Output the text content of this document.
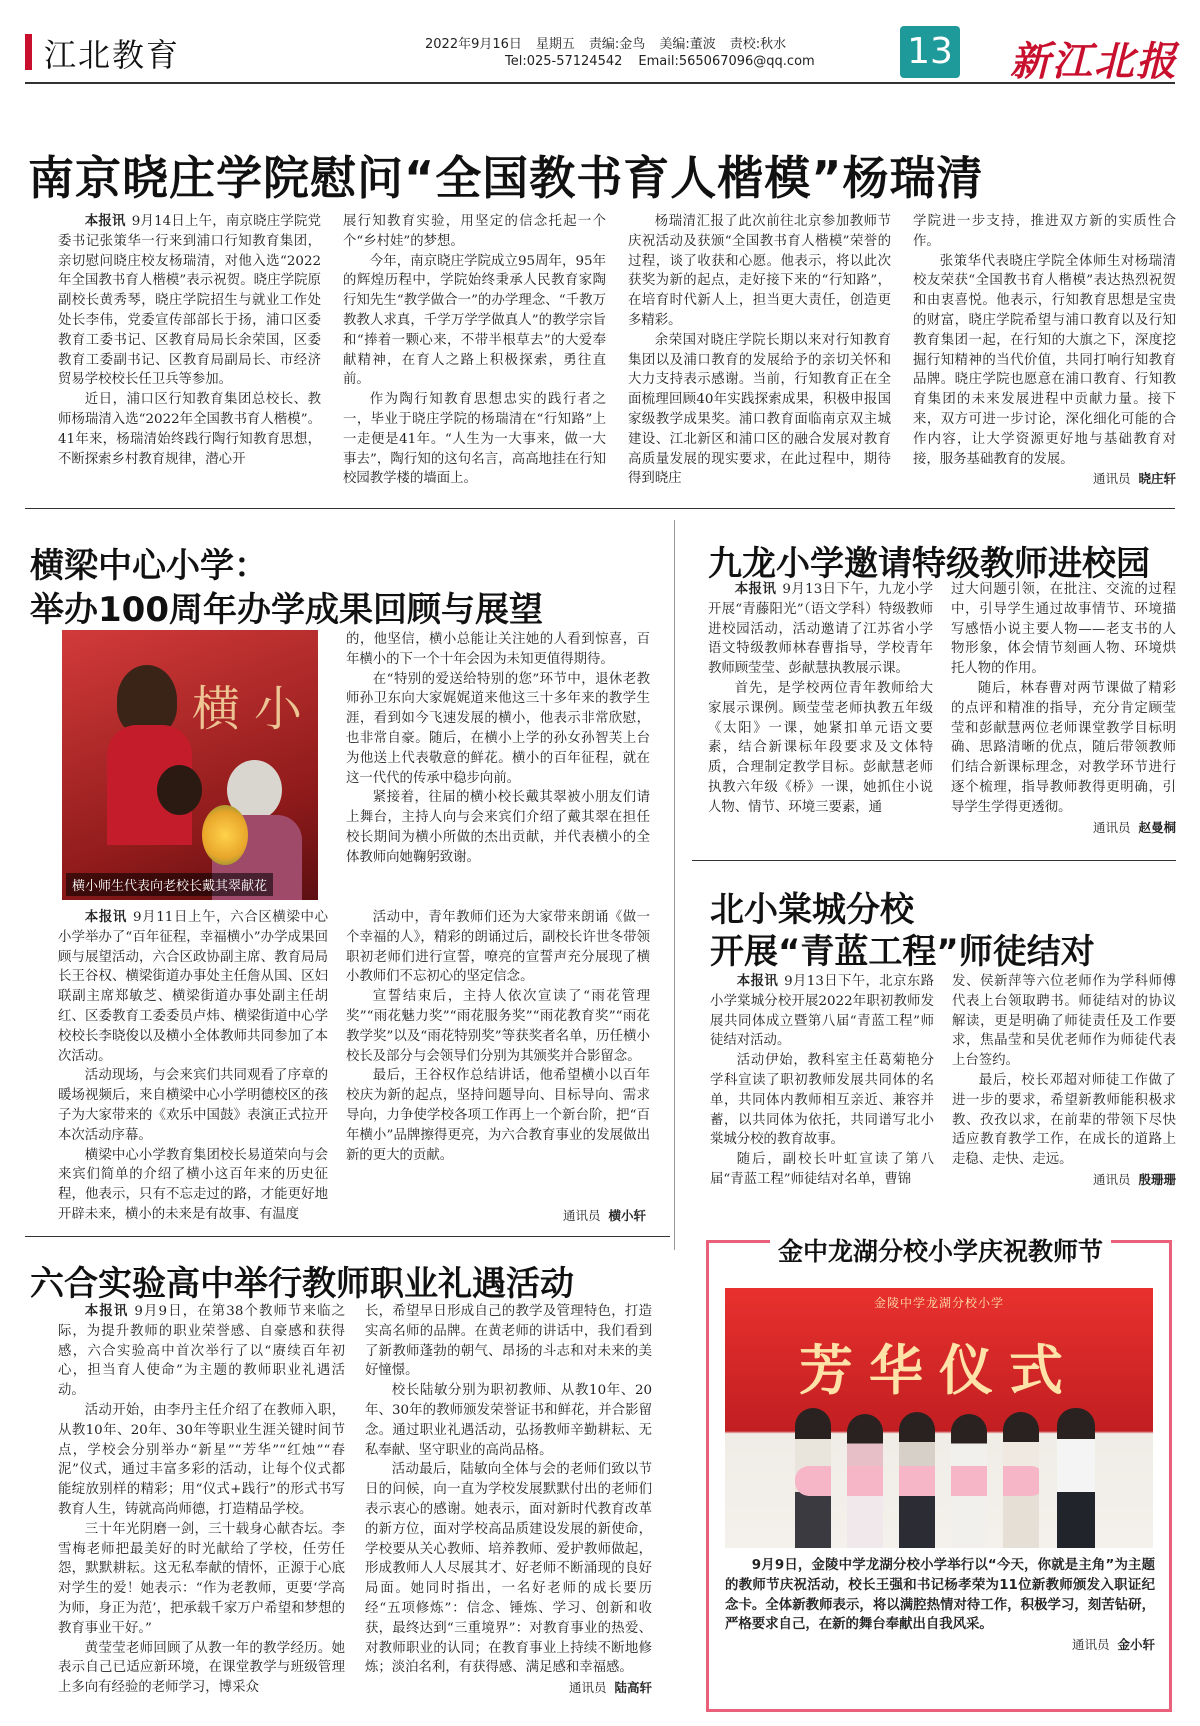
江北教育	2022年9月16日 星期五 责编:金鸟 美编:董波 责校:秋水
Tel:025-57124542 Email:565067096@qq.com	13 新江北报
南京晓庄学院慰问“全国教书育人楷模”杨瑞清

本报讯 9月14日上午，南京晓庄学院党委书记张策华一行来到浦口行知教育集团，亲切慰问晓庄校友杨瑞清，对他入选“2022年全国教书育人楷模”表示祝贺。晓庄学院原副校长黄秀琴，晓庄学院招生与就业工作处处长李伟，党委宣传部部长于扬，浦口区委教育工委书记、区教育局局长余荣国，区委教育工委副书记、区教育局副局长、市经济贸易学校校长任卫兵等参加。

近日，浦口区行知教育集团总校长、教师杨瑞清入选“2022年全国教书育人楷模”。41年来，杨瑞清始终践行陶行知教育思想，不断探索乡村教育规律，潜心开

展行知教育实验，用坚定的信念托起一个个“乡村娃”的梦想。

今年，南京晓庄学院成立95周年，95年的辉煌历程中，学院始终秉承人民教育家陶行知先生“教学做合一”的办学理念、“千教万教教人求真，千学万学学做真人”的教学宗旨和“捧着一颗心来，不带半根草去”的大爱奉献精神，在育人之路上积极探索，勇往直前。

作为陶行知教育思想忠实的践行者之一，毕业于晓庄学院的杨瑞清在“行知路”上一走便是41年。“人生为一大事来，做一大事去”，陶行知的这句名言，高高地挂在行知校园教学楼的墙面上。

杨瑞清汇报了此次前往北京参加教师节庆祝活动及获颁“全国教书育人楷模”荣誉的过程，谈了收获和心愿。他表示，将以此次获奖为新的起点，走好接下来的“行知路”，在培育时代新人上，担当更大责任，创造更多精彩。

余荣国对晓庄学院长期以来对行知教育集团以及浦口教育的发展给予的亲切关怀和大力支持表示感谢。当前，行知教育正在全面梳理回顾40年实践探索成果，积极申报国家级教学成果奖。浦口教育面临南京双主城建设、江北新区和浦口区的融合发展对教育高质量发展的现实要求，在此过程中，期待得到晓庄

学院进一步支持，推进双方新的实质性合作。

张策华代表晓庄学院全体师生对杨瑞清校友荣获“全国教书育人楷模”表达热烈祝贺和由衷喜悦。他表示，行知教育思想是宝贵的财富，晓庄学院希望与浦口教育以及行知教育集团一起，在行知的大旗之下，深度挖掘行知精神的当代价值，共同打响行知教育品牌。晓庄学院也愿意在浦口教育、行知教育集团的未来发展进程中贡献力量。接下来，双方可进一步讨论，深化细化可能的合作内容，让大学资源更好地与基础教育对接，服务基础教育的发展。

通讯员 晓庄轩
横梁中心小学：
举办100周年办学成果回顾与展望
横小
横小师生代表向老校长戴其翠献花

的，他坚信，横小总能让关注她的人看到惊喜，百年横小的下一个十年会因为未知更值得期待。

在“特别的爱送给特别的您”环节中，退休老教师孙卫东向大家娓娓道来他这三十多年来的教学生涯，看到如今飞速发展的横小，他表示非常欣慰，也非常自豪。随后，在横小上学的孙女孙智芙上台为他送上代表敬意的鲜花。横小的百年征程，就在这一代代的传承中稳步向前。

紧接着，往届的横小校长戴其翠被小朋友们请上舞台，主持人向与会来宾们介绍了戴其翠在担任校长期间为横小所做的杰出贡献，并代表横小的全体教师向她鞠躬致谢。

本报讯 9月11日上午，六合区横梁中心小学举办了“百年征程，幸福横小”办学成果回顾与展望活动，六合区政协副主席、教育局局长王谷权、横梁街道办事处主任詹从国、区妇联副主席郑敏芝、横梁街道办事处副主任胡红、区委教育工委委员卢炜、横梁街道中心学校校长李晓俊以及横小全体教师共同参加了本次活动。

活动现场，与会来宾们共同观看了序章的暖场视频后，来自横梁中心小学明德校区的孩子为大家带来的《欢乐中国鼓》表演正式拉开本次活动序幕。

横梁中心小学教育集团校长易道荣向与会来宾们简单的介绍了横小这百年来的历史征程，他表示，只有不忘走过的路，才能更好地开辟未来，横小的未来是有故事、有温度

活动中，青年教师们还为大家带来朗诵《做一个幸福的人》，精彩的朗诵过后，副校长许世冬带领职初老师们进行宣誓，嘹亮的宣誓声充分展现了横小教师们不忘初心的坚定信念。

宣誓结束后，主持人依次宣读了“雨花管理奖”“雨花魅力奖”“雨花服务奖”“雨花教育奖”“雨花教学奖”以及“雨花特别奖”等获奖者名单，历任横小校长及部分与会领导们分别为其颁奖并合影留念。

最后，王谷权作总结讲话，他希望横小以百年校庆为新的起点，坚持问题导向、目标导向、需求导向，力争使学校各项工作再上一个新台阶，把“百年横小”品牌擦得更亮，为六合教育事业的发展做出新的更大的贡献。

通讯员 横小轩
九龙小学邀请特级教师进校园

本报讯 9月13日下午，九龙小学开展“青藤阳光”（语文学科）特级教师进校园活动，活动邀请了江苏省小学语文特级教师林春曹指导，学校青年教师顾莹莹、彭献慧执教展示课。

首先，是学校两位青年教师给大家展示课例。顾莹莹老师执教五年级《太阳》一课，她紧扣单元语文要素，结合新课标年段要求及文体特质，合理制定教学目标。彭献慧老师执教六年级《桥》一课，她抓住小说人物、情节、环境三要素，通

过大问题引领，在批注、交流的过程中，引导学生通过故事情节、环境描写感悟小说主要人物——老支书的人物形象，体会情节刻画人物、环境烘托人物的作用。

随后，林春曹对两节课做了精彩的点评和精准的指导，充分肯定顾莹莹和彭献慧两位老师课堂教学目标明确、思路清晰的优点，随后带领教师们结合新课标理念，对教学环节进行逐个梳理，指导教师教得更明确，引导学生学得更透彻。

通讯员 赵曼桐
北小棠城分校
开展“青蓝工程”师徒结对

本报讯 9月13日下午，北京东路小学棠城分校开展2022年职初教师发展共同体成立暨第八届“青蓝工程”师徒结对活动。

活动伊始，教科室主任葛菊艳分学科宣读了职初教师发展共同体的名单，共同体内教师相互亲近、兼容并蓄，以共同体为依托，共同谱写北小棠城分校的教育故事。

随后，副校长叶虹宣读了第八届“青蓝工程”师徒结对名单，曹锦

发、侯新萍等六位老师作为学科师傅代表上台领取聘书。师徒结对的协议解读，更是明确了师徒责任及工作要求，焦晶莹和吴优老师作为师徒代表上台签约。

最后，校长邓超对师徒工作做了进一步的要求，希望新教师能积极求教、孜孜以求，在前辈的带领下尽快适应教育教学工作，在成长的道路上走稳、走快、走远。

通讯员 殷珊珊
六合实验高中举行教师职业礼遇活动

本报讯 9月9日，在第38个教师节来临之际，为提升教师的职业荣誉感、自豪感和获得感，六合实验高中首次举行了以“赓续百年初心，担当育人使命”为主题的教师职业礼遇活动。

活动开始，由李丹主任介绍了在教师入职，从教10年、20年、30年等职业生涯关键时间节点，学校会分别举办“新星”“芳华”“红烛”“春泥”仪式，通过丰富多彩的活动，让每个仪式都能绽放别样的精彩；用“仪式+践行”的形式书写教育人生，铸就高尚师德，打造精品学校。

三十年光阴磨一剑，三十载身心献杏坛。李雪梅老师把最美好的时光献给了学校，任劳任怨，默默耕耘。这无私奉献的情怀，正源于心底对学生的爱！她表示：“作为老教师，更要‘学高为师，身正为范’，把承载千家万户希望和梦想的教育事业干好。”

黄莹莹老师回顾了从教一年的教学经历。她表示自己已适应新环境，在课堂教学与班级管理上多向有经验的老师学习，博采众

长，希望早日形成自己的教学及管理特色，打造实高名师的品牌。在黄老师的讲话中，我们看到了新教师蓬勃的朝气、昂扬的斗志和对未来的美好憧憬。

校长陆敏分别为职初教师、从教10年、20年、30年的教师颁发荣誉证书和鲜花，并合影留念。通过职业礼遇活动，弘扬教师辛勤耕耘、无私奉献、坚守职业的高尚品格。

活动最后，陆敏向全体与会的老师们致以节日的问候，向一直为学校发展默默付出的老师们表示衷心的感谢。她表示，面对新时代教育改革的新方位，面对学校高品质建设发展的新使命，学校要从关心教师、培养教师、爱护教师做起，形成教师人人尽展其才、好老师不断涌现的良好局面。她同时指出，一名好老师的成长要历经“五项修炼”：信念、锤炼、学习、创新和收获，最终达到“三重境界”：对教育事业的热爱、对教师职业的认同；在教育事业上持续不断地修炼；淡泊名利，有获得感、满足感和幸福感。

通讯员 陆高轩
金中龙湖分校小学庆祝教师节
金陵中学龙湖分校小学
芳华仪式

9月9日，金陵中学龙湖分校小学举行以“今天，你就是主角”为主题的教师节庆祝活动，校长王强和书记杨孝荣为11位新教师颁发入职证纪念卡。全体新教师表示，将以满腔热情对待工作，积极学习，刻苦钻研，严格要求自己，在新的舞台奉献出自我风采。

通讯员 金小轩
